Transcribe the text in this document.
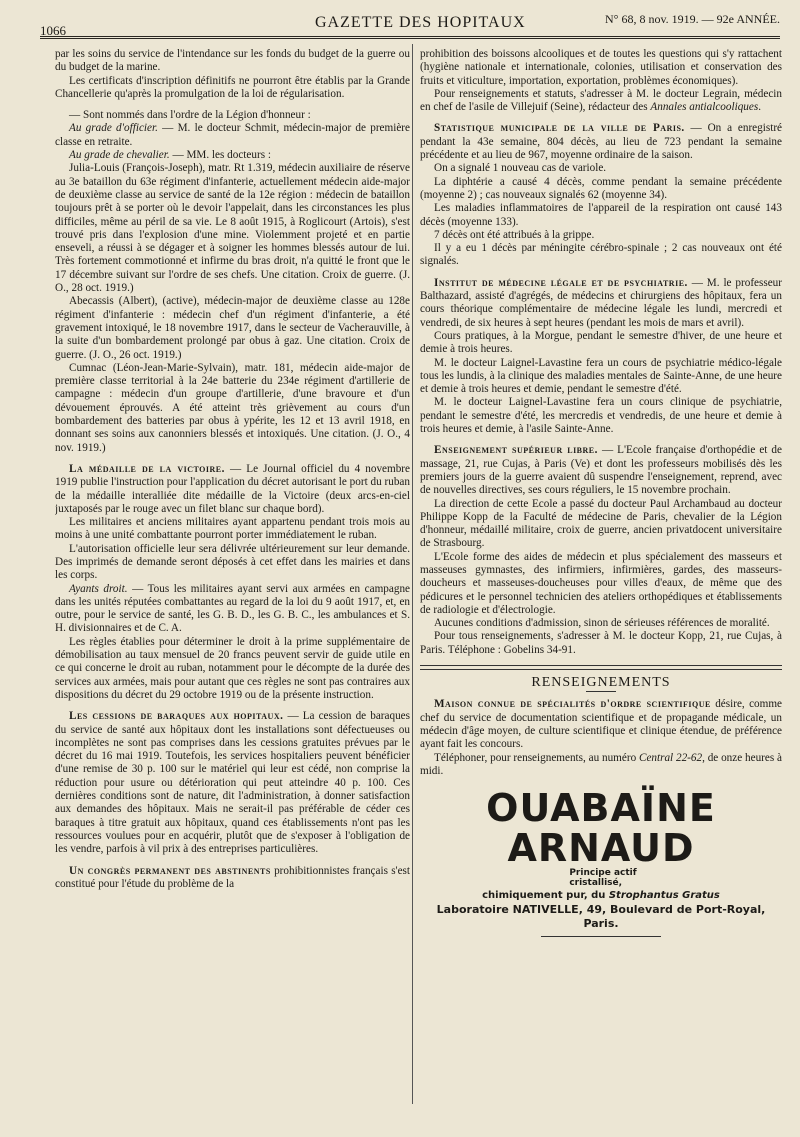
1066	GAZETTE DES HOPITAUX	N° 68, 8 nov. 1919. — 92e ANNÉE.

par les soins du service de l'intendance sur les fonds du budget de la guerre ou du budget de la marine.

Les certificats d'inscription définitifs ne pourront être établis par la Grande Chancellerie qu'après la promulgation de la loi de régularisation.

— Sont nommés dans l'ordre de la Légion d'honneur :

Au grade d'officier. — M. le docteur Schmit, médecin-major de première classe en retraite.

Au grade de chevalier. — MM. les docteurs :

Julia-Louis (François-Joseph), matr. Rt 1.319, médecin auxiliaire de réserve au 3e bataillon du 63e régiment d'infanterie, actuellement médecin aide-major de deuxième classe au service de santé de la 12e région : médecin de bataillon toujours prêt à se porter où le devoir l'appelait, dans les circonstances les plus difficiles, même au péril de sa vie. Le 8 août 1915, à Roglicourt (Artois), s'est trouvé pris dans l'explosion d'une mine. Violemment projeté et en partie enseveli, a réussi à se dégager et à soigner les hommes blessés autour de lui. Très fortement commotionné et infirme du bras droit, n'a quitté le front que le 17 décembre suivant sur l'ordre de ses chefs. Une citation. Croix de guerre. (J. O., 28 oct. 1919.)

Abecassis (Albert), (active), médecin-major de deuxième classe au 128e régiment d'infanterie : médecin chef d'un régiment d'infanterie, a été gravement intoxiqué, le 18 novembre 1917, dans le secteur de Vacherauville, à la suite d'un bombardement prolongé par obus à gaz. Une citation. Croix de guerre. (J. O., 26 oct. 1919.)

Cumnac (Léon-Jean-Marie-Sylvain), matr. 181, médecin aide-major de première classe territorial à la 24e batterie du 234e régiment d'artillerie de campagne : médecin d'un groupe d'artillerie, d'une bravoure et d'un dévouement éprouvés. A été atteint très grièvement au cours d'un bombardement des batteries par obus à ypérite, les 12 et 13 avril 1918, en donnant ses soins aux canonniers blessés et intoxiqués. Une citation. (J. O., 4 nov. 1919.)

La médaille de la victoire. — Le Journal officiel du 4 novembre 1919 publie l'instruction pour l'application du décret autorisant le port du ruban de la médaille interalliée dite médaille de la Victoire (deux arcs-en-ciel juxtaposés par le rouge avec un filet blanc sur chaque bord).

Les militaires et anciens militaires ayant appartenu pendant trois mois au moins à une unité combattante pourront porter immédiatement le ruban.

L'autorisation officielle leur sera délivrée ultérieurement sur leur demande. Des imprimés de demande seront déposés à cet effet dans les mairies et dans les corps.

Ayants droit. — Tous les militaires ayant servi aux armées en campagne dans les unités réputées combattantes au regard de la loi du 9 août 1917, et, en outre, pour le service de santé, les G. B. D., les G. B. C., les ambulances et S. H. divisionnaires et de C. A.

Les règles établies pour déterminer le droit à la prime supplémentaire de démobilisation au taux mensuel de 20 francs peuvent servir de guide utile en ce qui concerne le droit au ruban, notamment pour le décompte de la durée des services aux armées, mais pour autant que ces règles ne sont pas contraires aux dispositions du décret du 29 octobre 1919 ou de la présente instruction.

Les cessions de baraques aux hopitaux. — La cession de baraques du service de santé aux hôpitaux dont les installations sont défectueuses ou incomplètes ne sont pas comprises dans les cessions gratuites prévues par le décret du 16 mai 1919. Toutefois, les services hospitaliers peuvent bénéficier d'une remise de 30 p. 100 sur le matériel qui leur est cédé, non comprise la réduction pour usure ou détérioration qui peut atteindre 40 p. 100. Ces dernières conditions sont de nature, dit l'administration, à donner satisfaction aux demandes des hôpitaux. Mais ne serait-il pas préférable de céder ces baraques à titre gratuit aux hôpitaux, quand ces établissements n'ont pas les ressources voulues pour en acquérir, plutôt que de s'exposer à l'obligation de les vendre, parfois à vil prix à des entreprises particulières.

Un congrès permanent des abstinents prohibitionnistes français s'est constitué pour l'étude du problème de la

prohibition des boissons alcooliques et de toutes les questions qui s'y rattachent (hygiène nationale et internationale, colonies, utilisation et conservation des fruits et viticulture, importation, exportation, problèmes économiques).

Pour renseignements et statuts, s'adresser à M. le docteur Legrain, médecin en chef de l'asile de Villejuif (Seine), rédacteur des Annales antialcooliques.

Statistique municipale de la ville de Paris. — On a enregistré pendant la 43e semaine, 804 décès, au lieu de 723 pendant la semaine précédente et au lieu de 967, moyenne ordinaire de la saison.

On a signalé 1 nouveau cas de variole.

La diphtérie a causé 4 décès, comme pendant la semaine précédente (moyenne 2) ; cas nouveaux signalés 62 (moyenne 34).

Les maladies inflammatoires de l'appareil de la respiration ont causé 143 décès (moyenne 133).

7 décès ont été attribués à la grippe.

Il y a eu 1 décès par méningite cérébro-spinale ; 2 cas nouveaux ont été signalés.

Institut de médecine légale et de psychiatrie. — M. le professeur Balthazard, assisté d'agrégés, de médecins et chirurgiens des hôpitaux, fera un cours théorique complémentaire de médecine légale les lundi, mercredi et vendredi, de six heures à sept heures (pendant les mois de mars et avril).

Cours pratiques, à la Morgue, pendant le semestre d'hiver, de une heure et demie à trois heures.

M. le docteur Laignel-Lavastine fera un cours de psychiatrie médico-légale tous les lundis, à la clinique des maladies mentales de Sainte-Anne, de une heure et demie à trois heures et demie, pendant le semestre d'été.

M. le docteur Laignel-Lavastine fera un cours clinique de psychiatrie, pendant le semestre d'été, les mercredis et vendredis, de une heure et demie à trois heures et demie, à l'asile Sainte-Anne.

Enseignement supérieur libre. — L'Ecole française d'orthopédie et de massage, 21, rue Cujas, à Paris (Ve) et dont les professeurs mobilisés dès les premiers jours de la guerre avaient dû suspendre l'enseignement, reprend, avec de nouvelles directives, ses cours réguliers, le 15 novembre prochain.

La direction de cette Ecole a passé du docteur Paul Archambaud au docteur Philippe Kopp de la Faculté de médecine de Paris, chevalier de la Légion d'honneur, médaillé militaire, croix de guerre, ancien privatdocent universitaire de Strasbourg.

L'Ecole forme des aides de médecin et plus spécialement des masseurs et masseuses gymnastes, des infirmiers, infirmières, gardes, des masseurs-doucheurs et masseuses-doucheuses pour villes d'eaux, de même que des pédicures et le personnel technicien des ateliers orthopédiques et établissements de radiologie et d'électrologie.

Aucunes conditions d'admission, sinon de sérieuses références de moralité.

Pour tous renseignements, s'adresser à M. le docteur Kopp, 21, rue Cujas, à Paris. Téléphone : Gobelins 34-91.

RENSEIGNEMENTS

Maison connue de spécialités d'ordre scientifique désire, comme chef du service de documentation scientifique et de propagande médicale, un médecin d'âge moyen, de culture scientifique et clinique étendue, de préférence ayant fait les concours.

Téléphoner, pour renseignements, au numéro Central 22-62, de onze heures à midi.

OUABAÏNE ARNAUD Principe actif
cristallisé,
chimiquement pur, du Strophantus Gratus
Laboratoire NATIVELLE, 49, Boulevard de Port-Royal, Paris.
